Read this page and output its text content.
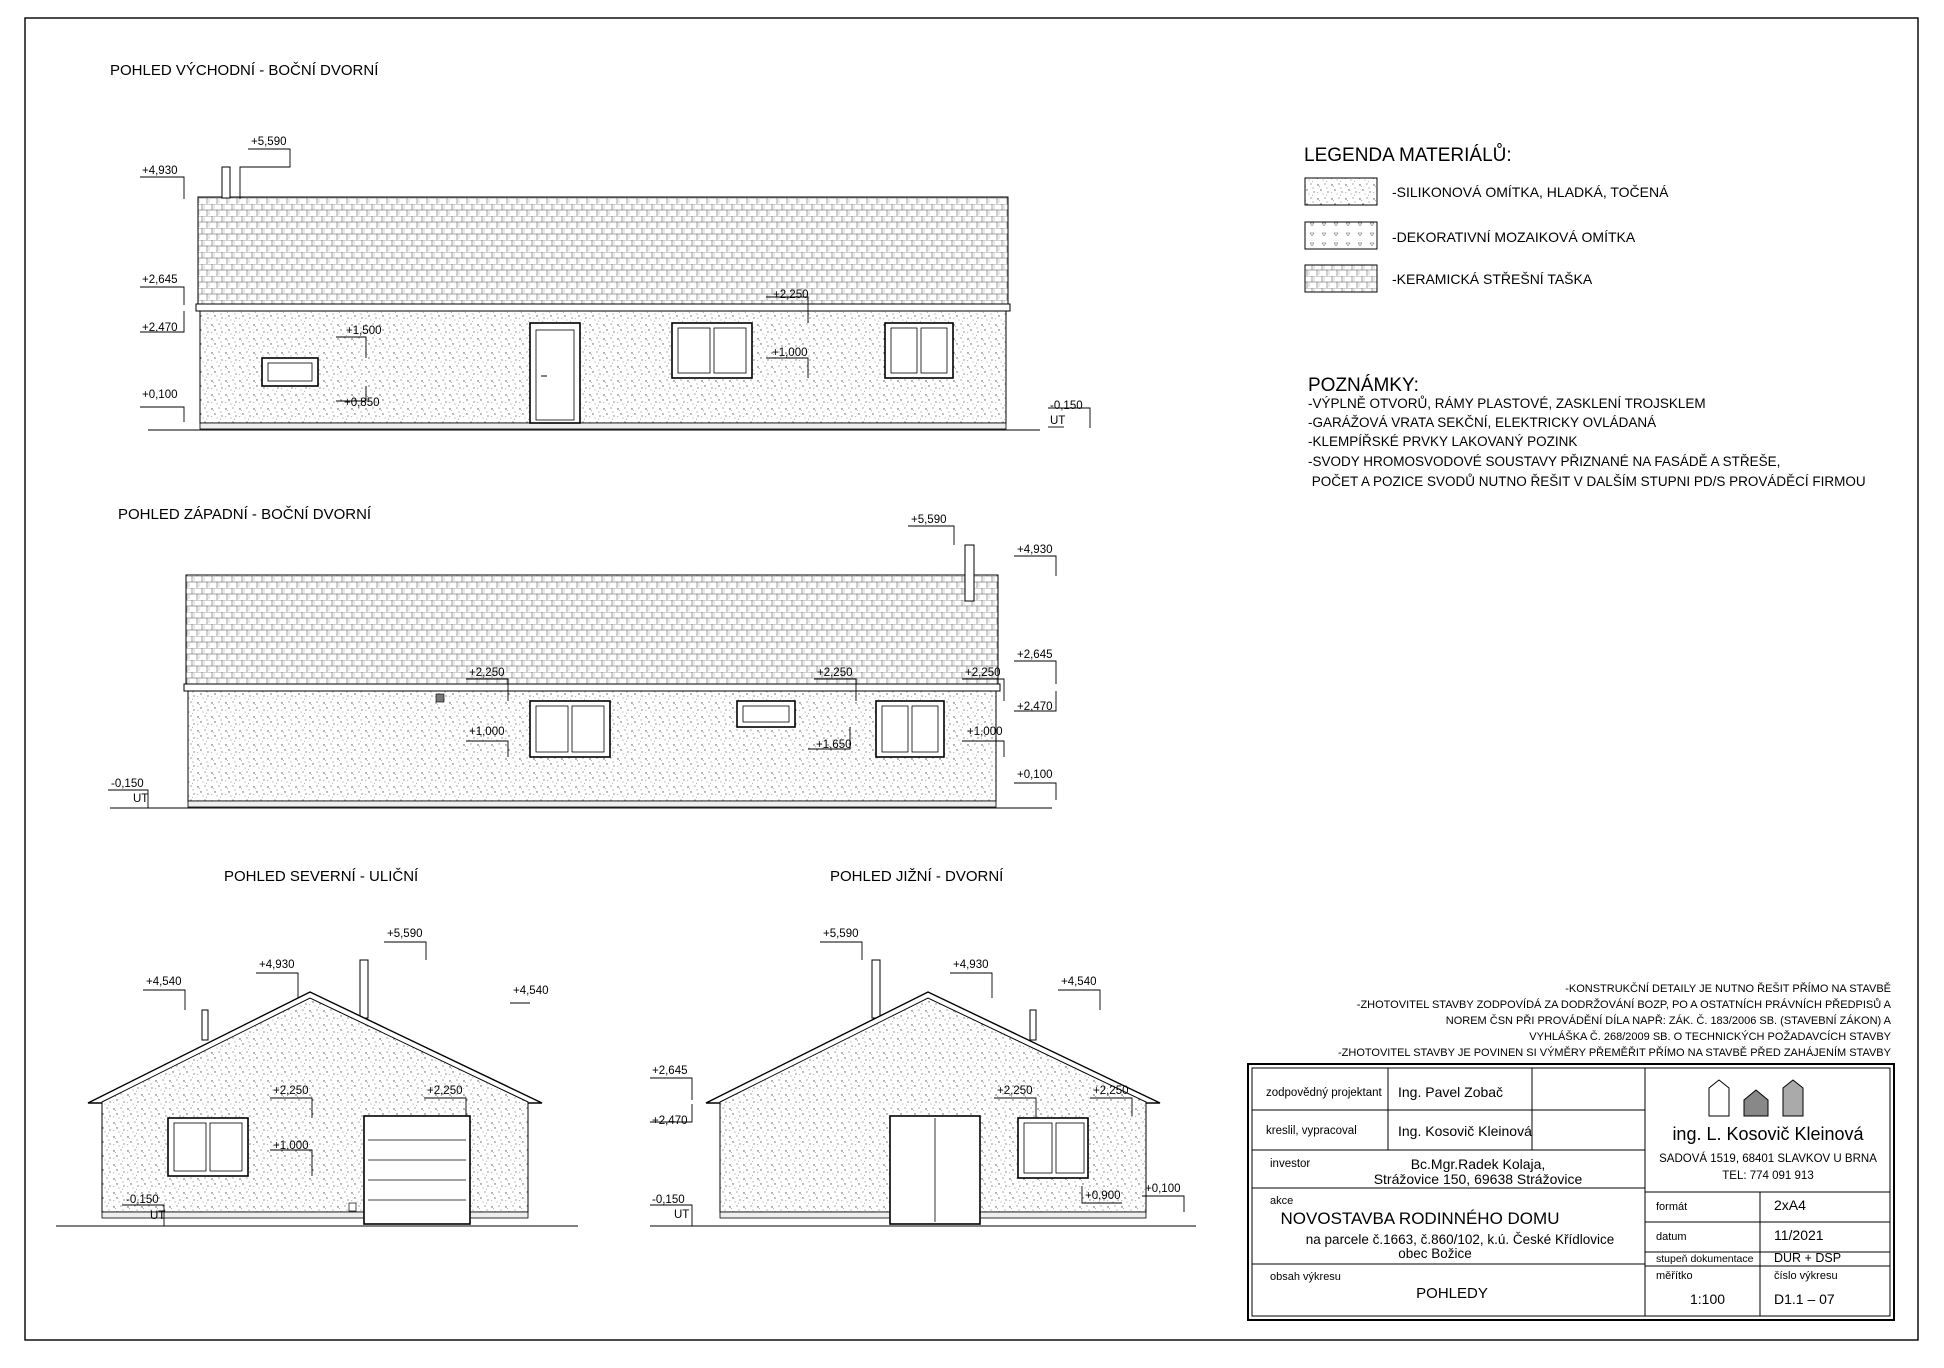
POHLED VÝCHODNÍ - BOČNÍ DVORNÍ
+5,590
+4,930
+2,645
+2,470	+1,500
+0,850
+2,250
+1,000
+0,100
-0,150
UT
POHLED ZÁPADNÍ - BOČNÍ DVORNÍ	+5,590
+4,930
+2,645
+2,250	+2,250	+2,250
+2,470
+1,000
+1,650
+1,000
+0,100
-0,150
UT
POHLED SEVERNÍ - ULIČNÍ
+5,590
+4,930
+4,540
+4,540
+2,250	+2,250
+1,000
-0,150
UT
POHLED JIŽNÍ - DVORNÍ
+5,590
+4,930
+4,540
+2,645
+2,470
+2,250	+2,250
+0,100
+0,900
-0,150
UT
LEGENDA MATERIÁLŮ:
-SILIKONOVÁ OMÍTKA, HLADKÁ, TOČENÁ
-DEKORATIVNÍ MOZAIKOVÁ OMÍTKA
-KERAMICKÁ STŘEŠNÍ TAŠKA
POZNÁMKY:
-VÝPLNĚ OTVORŮ, RÁMY PLASTOVÉ, ZASKLENÍ TROJSKLEM
-GARÁŽOVÁ VRATA SEKČNÍ, ELEKTRICKY OVLÁDANÁ
-KLEMPÍŘSKÉ PRVKY LAKOVANÝ POZINK
-SVODY HROMOSVODOVÉ SOUSTAVY PŘIZNANÉ NA FASÁDĚ A STŘEŠE,
POČET A POZICE SVODŮ NUTNO ŘEŠIT V DALŠÍM STUPNI PD/S PROVÁDĚCÍ FIRMOU
-KONSTRUKČNÍ DETAILY JE NUTNO ŘEŠIT PŘÍMO NA STAVBĚ
-ZHOTOVITEL STAVBY ZODPOVÍDÁ ZA DODRŽOVÁNÍ BOZP, PO A OSTATNÍCH PRÁVNÍCH PŘEDPISŮ A
NOREM ČSN PŘI PROVÁDĚNÍ DÍLA NAPŘ: ZÁK. Č. 183/2006 SB. (STAVEBNÍ ZÁKON) A
VYHLÁŠKA Č. 268/2009 SB. O TECHNICKÝCH POŽADAVCÍCH STAVBY
-ZHOTOVITEL STAVBY JE POVINEN SI VÝMĚRY PŘEMĚŘIT PŘÍMO NA STAVBĚ PŘED ZAHÁJENÍM STAVBY
ing. L. Kosovič Kleinová
SADOVÁ 1519, 68401 SLAVKOV U BRNA
TEL: 774 091 913
zodpovědný projektant Ing. Pavel Zobač
kreslil, vypracoval	Ing. Kosovič Kleinová
investor	Bc.Mgr.Radek Kolaja,
Strážovice 150, 69638 Strážovice
akce
NOVOSTAVBA RODINNÉHO DOMU
na parcele č.1663, č.860/102, k.ú. České Křídlovice
obec Božice
obsah výkresu
POHLEDY
formát	2xA4
datum	11/2021
stupeň dokumentace DUR + DSP
měřítko
1:100
číslo výkresu
D1.1 – 07
